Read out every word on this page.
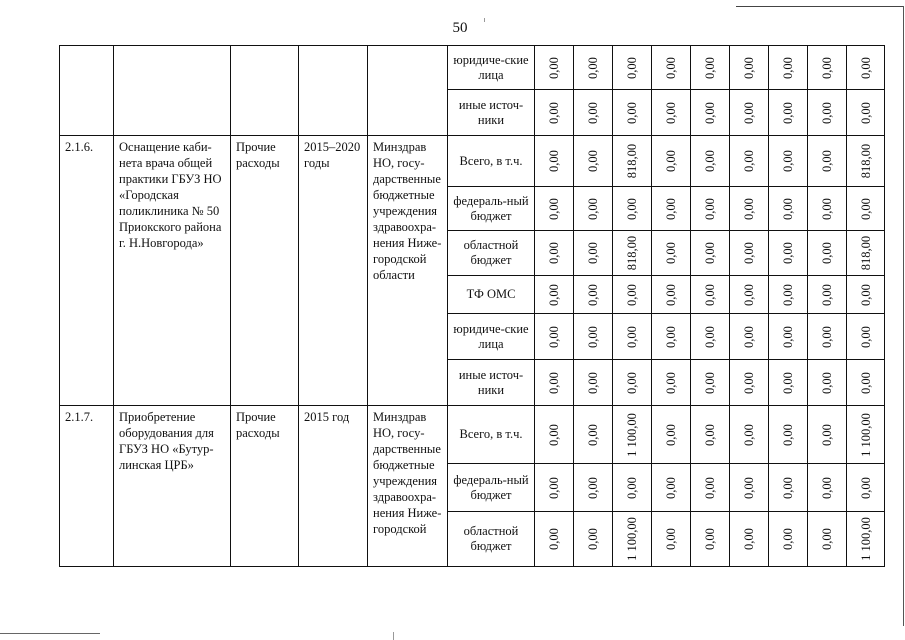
50
					юридиче-ские лица	0,00	0,00	0,00	0,00	0,00	0,00	0,00	0,00	0,00

					иные источ-ники	0,00	0,00	0,00	0,00	0,00	0,00	0,00	0,00	0,00

2.1.6.	Оснащение каби-нета врача общей практики ГБУЗ НО «Городская поликлиника № 50 Приокского района г. Н.Новгорода»	Прочие расходы	2015–2020 годы	Минздрав НО, госу-дарственные бюджетные учреждения здравоохра-нения Ниже-городской области	Всего, в т.ч.	0,00	0,00	818,00	0,00	0,00	0,00	0,00	0,00	818,00

					федераль-ный бюджет	0,00	0,00	0,00	0,00	0,00	0,00	0,00	0,00	0,00

					областной бюджет	0,00	0,00	818,00	0,00	0,00	0,00	0,00	0,00	818,00

					ТФ ОМС	0,00	0,00	0,00	0,00	0,00	0,00	0,00	0,00	0,00

					юридиче-ские лица	0,00	0,00	0,00	0,00	0,00	0,00	0,00	0,00	0,00

					иные источ-ники	0,00	0,00	0,00	0,00	0,00	0,00	0,00	0,00	0,00

2.1.7.	Приобретение оборудования для ГБУЗ НО «Бутур-линская ЦРБ»	Прочие расходы	2015 год	Минздрав НО, госу-дарственные бюджетные учреждения здравоохра-нения Ниже-городской	Всего, в т.ч.	0,00	0,00	1 100,00	0,00	0,00	0,00	0,00	0,00	1 100,00

					федераль-ный бюджет	0,00	0,00	0,00	0,00	0,00	0,00	0,00	0,00	0,00

					областной бюджет	0,00	0,00	1 100,00	0,00	0,00	0,00	0,00	0,00	1 100,00
